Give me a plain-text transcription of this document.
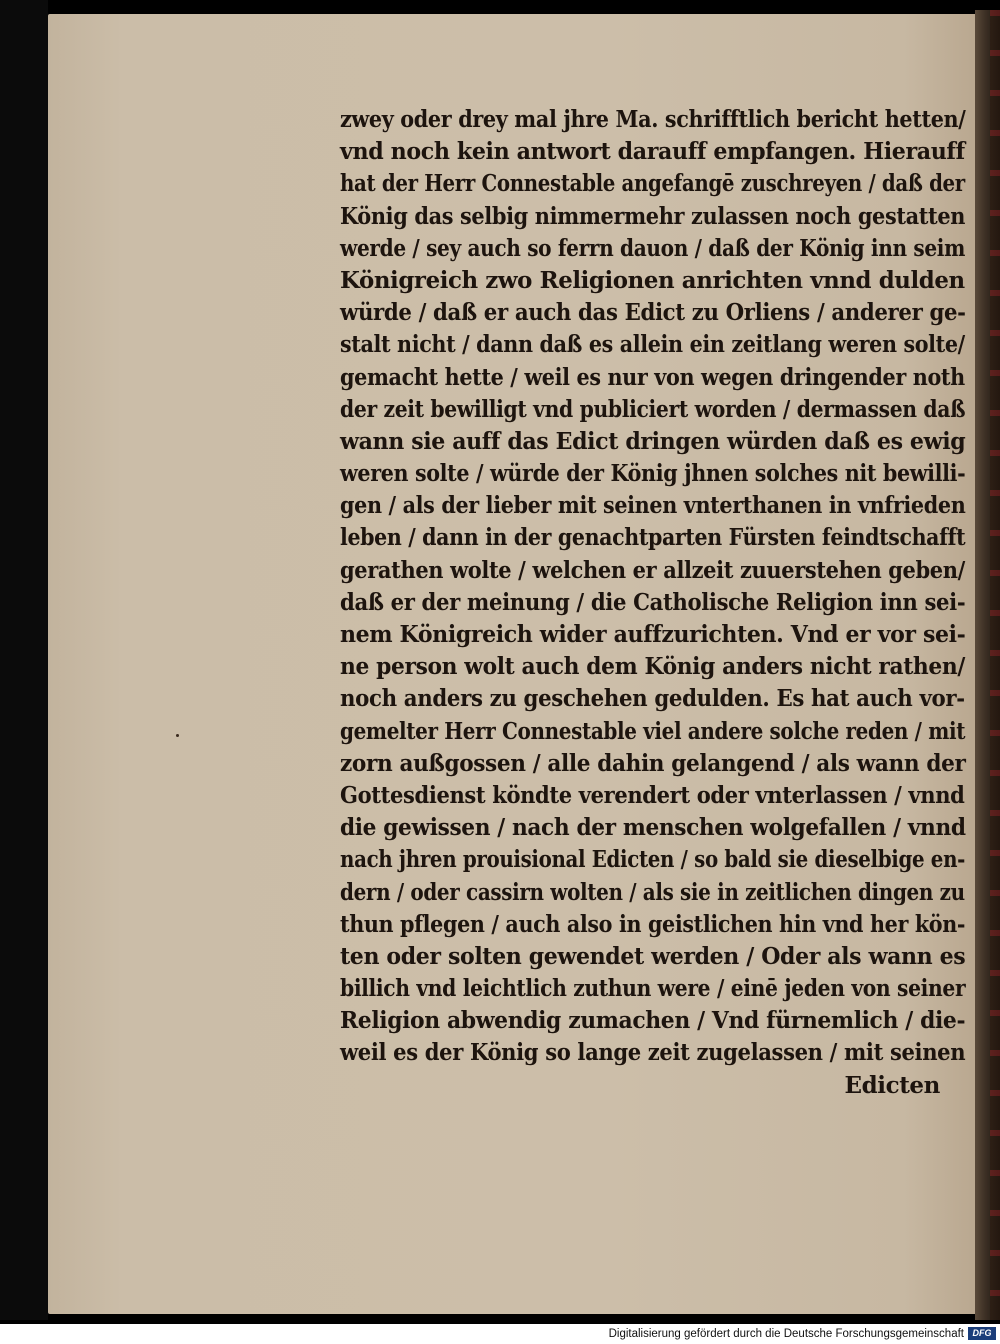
zwey oder drey mal jhre Ma. schrifftlich bericht hetten/
vnd noch kein antwort darauff empfangen. Hierauff
hat der Herr Connestable angefangē zuschreyen / daß der
König das selbig nimmermehr zulassen noch gestatten
werde / sey auch so ferrn dauon / daß der König inn seim
Königreich zwo Religionen anrichten vnnd dulden
würde / daß er auch das Edict zu Orliens / anderer ge-
stalt nicht / dann daß es allein ein zeitlang weren solte/
gemacht hette / weil es nur von wegen dringender noth
der zeit bewilligt vnd publiciert worden / dermassen daß
wann sie auff das Edict dringen würden daß es ewig
weren solte / würde der König jhnen solches nit bewilli-
gen / als der lieber mit seinen vnterthanen in vnfrieden
leben / dann in der genachtparten Fürsten feindtschafft
gerathen wolte / welchen er allzeit zuuerstehen geben/
daß er der meinung / die Catholische Religion inn sei-
nem Königreich wider auffzurichten. Vnd er vor sei-
ne person wolt auch dem König anders nicht rathen/
noch anders zu geschehen gedulden. Es hat auch vor-
gemelter Herr Connestable viel andere solche reden / mit
zorn außgossen / alle dahin gelangend / als wann der
Gottesdienst köndte verendert oder vnterlassen / vnnd
die gewissen / nach der menschen wolgefallen / vnnd
nach jhren prouisional Edicten / so bald sie dieselbige en-
dern / oder cassirn wolten / als sie in zeitlichen dingen zu
thun pflegen / auch also in geistlichen hin vnd her kön-
ten oder solten gewendet werden / Oder als wann es
billich vnd leichtlich zuthun were / einē jeden von seiner
Religion abwendig zumachen / Vnd fürnemlich / die-
weil es der König so lange zeit zugelassen / mit seinen
Edicten
Digitalisierung gefördert durch die Deutsche Forschungsgemeinschaft DFG
